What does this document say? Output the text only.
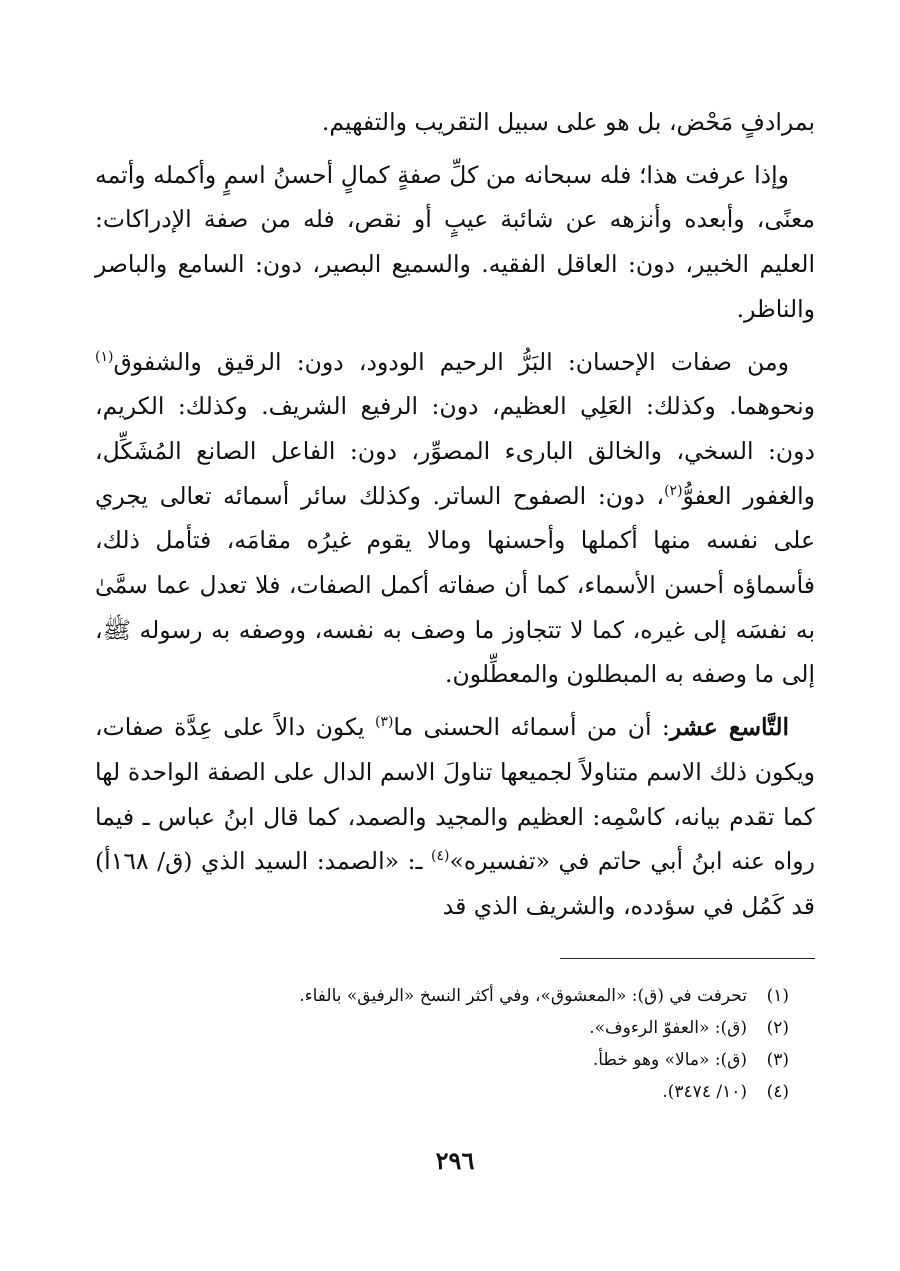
بمرادفٍ مَحْض، بل هو على سبيل التقريب والتفهيم.

وإذا عرفت هذا؛ فله سبحانه من كلِّ صفةٍ كمالٍ أحسنُ اسمٍ وأكمله وأتمه معنًى، وأبعده وأنزهه عن شائبة عيبٍ أو نقص، فله من صفة الإدراكات: العليم الخبير، دون: العاقل الفقيه. والسميع البصير، دون: السامع والباصر والناظر.

ومن صفات الإحسان: البَرُّ الرحيم الودود، دون: الرقيق والشفوق$^{(١)}$ ونحوهما. وكذلك: العَلِي العظيم، دون: الرفيع الشريف. وكذلك: الكريم، دون: السخي، والخالق البارىء المصوِّر، دون: الفاعل الصانع المُشَكِّل، والغفور العفوُّ$^{(٢)}$، دون: الصفوح الساتر. وكذلك سائر أسمائه تعالى يجري على نفسه منها أكملها وأحسنها ومالا يقوم غيرُه مقامَه، فتأمل ذلك، فأسماؤه أحسن الأسماء، كما أن صفاته أكمل الصفات، فلا تعدل عما سمَّىٰ به نفسَه إلى غيره، كما لا تتجاوز ما وصف به نفسه، ووصفه به رسوله ﷺ، إلى ما وصفه به المبطلون والمعطِّلون.

التَّاسع عشر: أن من أسمائه الحسنى ما$^{(٣)}$ يكون دالاً على عِدَّة صفات، ويكون ذلك الاسم متناولاً لجميعها تناولَ الاسم الدال على الصفة الواحدة لها كما تقدم بيانه، كاسْمِه: العظيم والمجيد والصمد، كما قال ابنُ عباس ـ فيما رواه عنه ابنُ أبي حاتم في «تفسيره»$^{(٤)}$ ـ: «الصمد: السيد الذي (ق/ ١٦٨أ) قد كَمُل في سؤدده، والشريف الذي قد

(١)تحرفت في (ق): «المعشوق»، وفي أكثر النسخ «الرفيق» بالفاء.
(٢)(ق): «العفوّ الرءوف».
(٣)(ق): «مالا» وهو خطأ.
(٤)(١٠/ ٣٤٧٤).
٢٩٦
